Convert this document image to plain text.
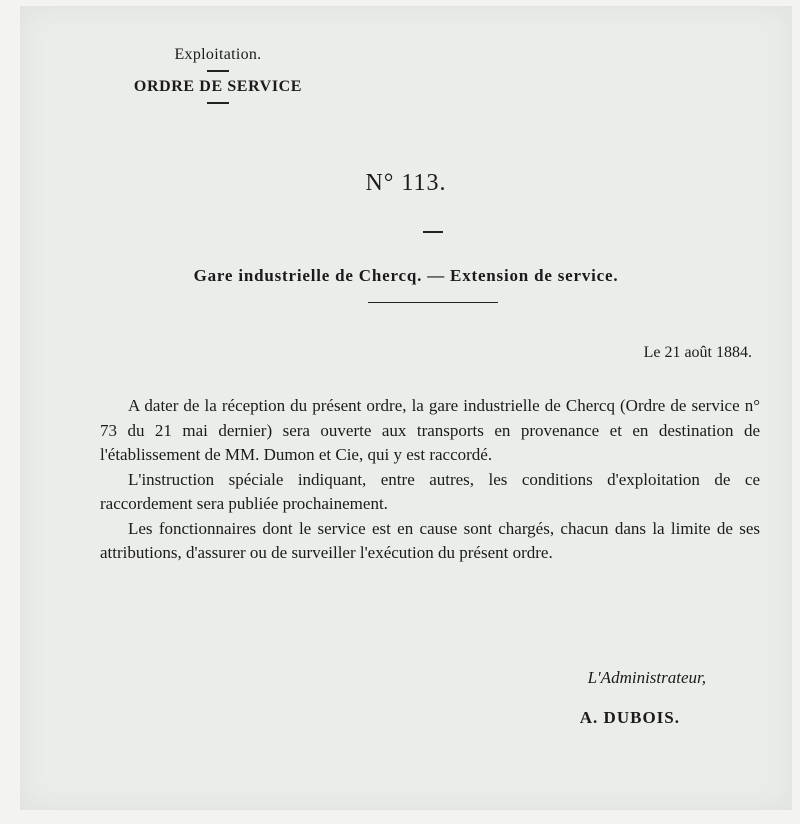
Exploitation.
ORDRE DE SERVICE
N° 113.
Gare industrielle de Chercq. — Extension de service.
Le 21 août 1884.

A dater de la réception du présent ordre, la gare industrielle de Chercq (Ordre de service n° 73 du 21 mai dernier) sera ouverte aux transports en provenance et en destination de l'établissement de MM. Dumon et Cie, qui y est raccordé.

L'instruction spéciale indiquant, entre autres, les conditions d'exploitation de ce raccordement sera publiée prochainement.

Les fonctionnaires dont le service est en cause sont chargés, chacun dans la limite de ses attributions, d'assurer ou de surveiller l'exécution du présent ordre.

L'Administrateur,
A. DUBOIS.
